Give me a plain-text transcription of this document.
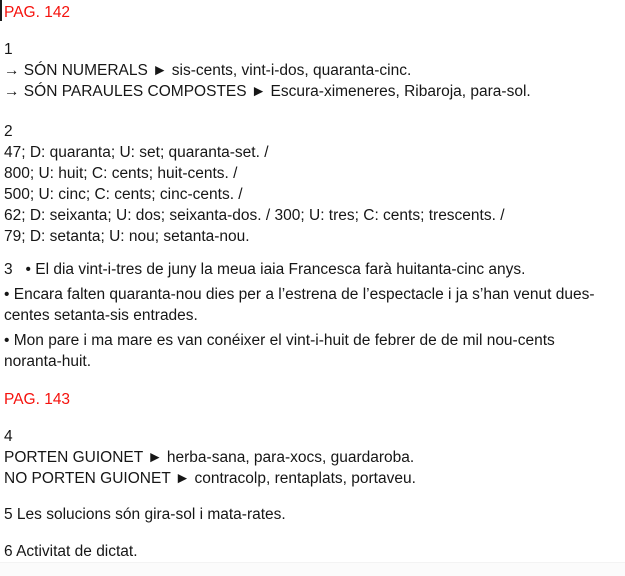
PAG. 142
1
→ SÓN NUMERALS ► sis-cents, vint-i-dos, quaranta-cinc.
→ SÓN PARAULES COMPOSTES ► Escura-ximeneres, Ribaroja, para-sol.
2
47; D: quaranta; U: set; quaranta-set. /
800; U: huit; C: cents; huit-cents. /
500; U: cinc; C: cents; cinc-cents. /
62; D: seixanta; U: dos; seixanta-dos. / 300; U: tres; C: cents; trescents. /
79; D: setanta; U: nou; setanta-nou.
3   • El dia vint-i-tres de juny la meua iaia Francesca farà huitanta-cinc anys.
• Encara falten quaranta-nou dies per a l’estrena de l’espectacle i ja s’han venut dues-
centes setanta-sis entrades.
• Mon pare i ma mare es van conéixer el vint-i-huit de febrer de de mil nou-cents
noranta-huit.
PAG. 143
4
PORTEN GUIONET ► herba-sana, para-xocs, guardaroba.
NO PORTEN GUIONET ► contracolp, rentaplats, portaveu.
5 Les solucions són gira-sol i mata-rates.
6 Activitat de dictat.
